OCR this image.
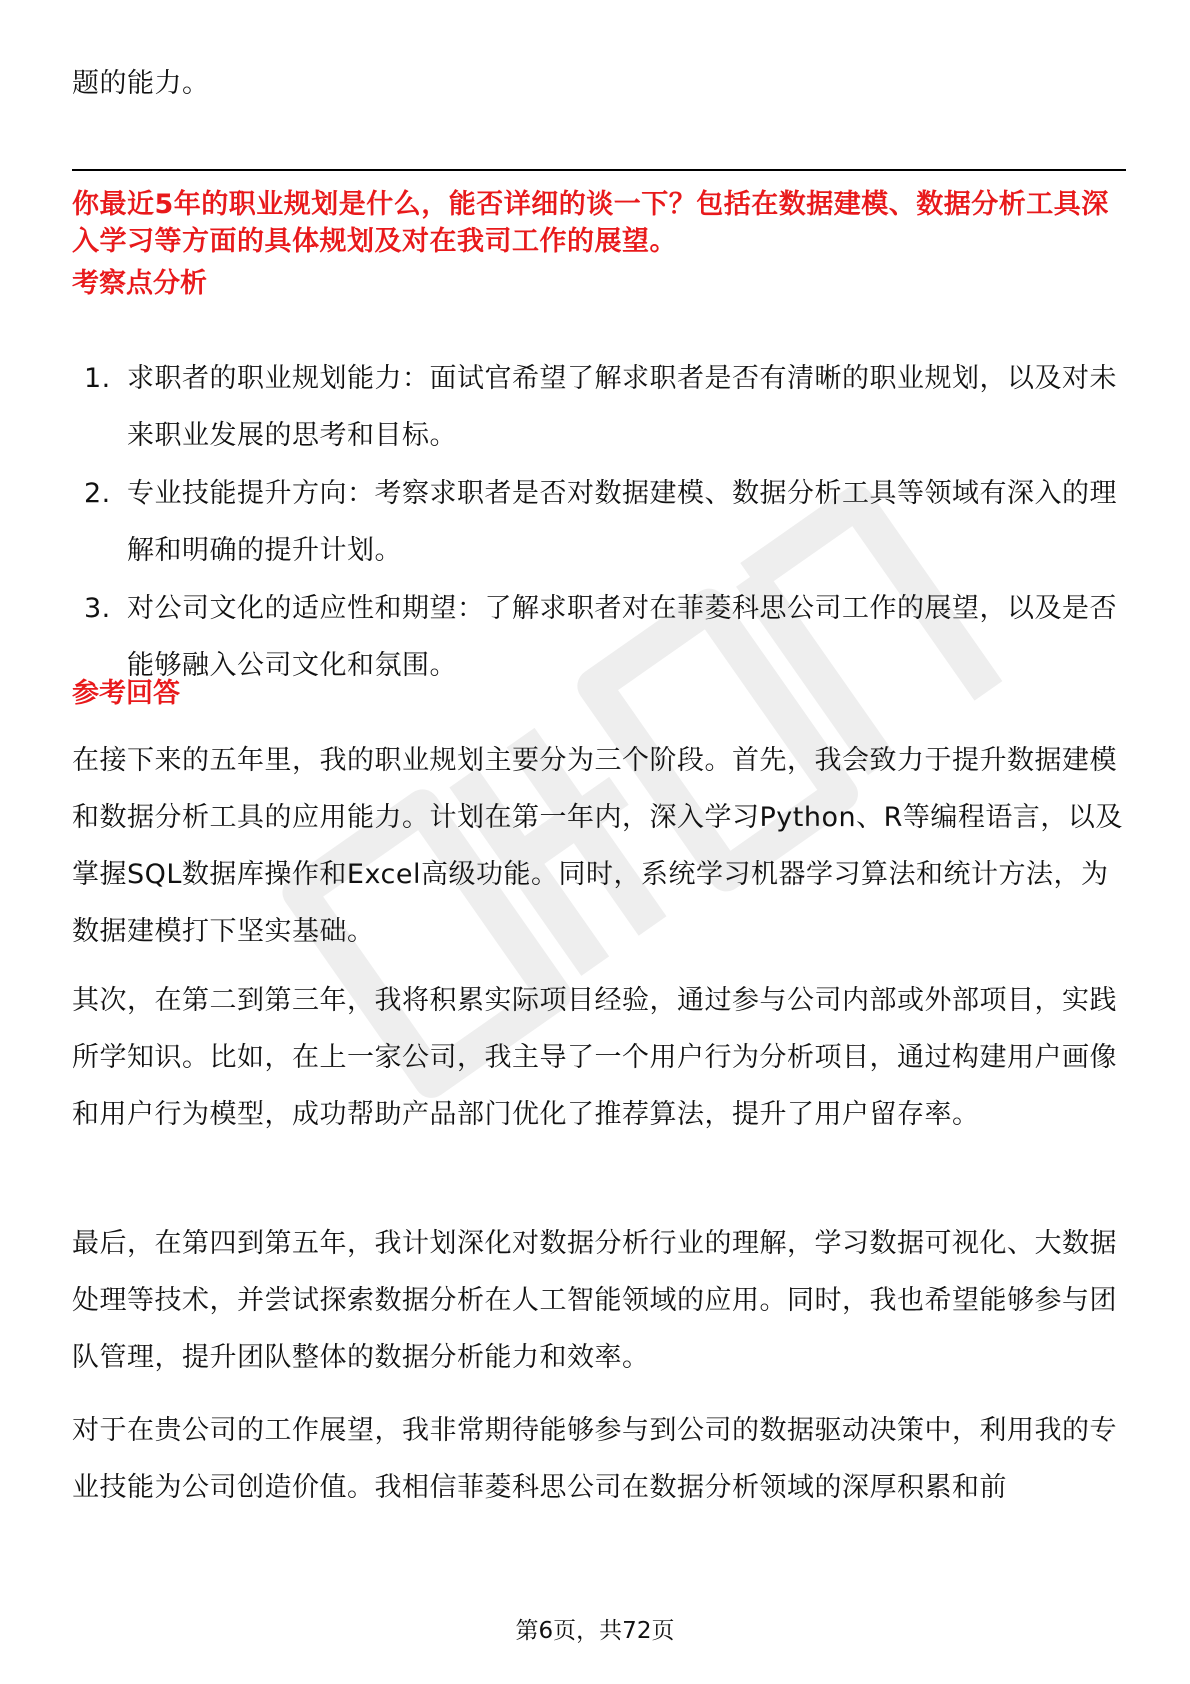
题的能力。
你最近5年的职业规划是什么，能否详细的谈一下？包括在数据建模、数据分析工具深入学习等方面的具体规划及对在我司工作的展望。
考察点分析
1. 求职者的职业规划能力：面试官希望了解求职者是否有清晰的职业规划，以及对未来职业发展的思考和目标。
2. 专业技能提升方向：考察求职者是否对数据建模、数据分析工具等领域有深入的理解和明确的提升计划。
3. 对公司文化的适应性和期望：了解求职者对在菲菱科思公司工作的展望，以及是否能够融入公司文化和氛围。
参考回答

在接下来的五年里，我的职业规划主要分为三个阶段。首先，我会致力于提升数据建模和数据分析工具的应用能力。计划在第一年内，深入学习Python、R等编程语言，以及掌握SQL数据库操作和Excel高级功能。同时，系统学习机器学习算法和统计方法，为数据建模打下坚实基础。

其次，在第二到第三年，我将积累实际项目经验，通过参与公司内部或外部项目，实践所学知识。比如，在上一家公司，我主导了一个用户行为分析项目，通过构建用户画像和用户行为模型，成功帮助产品部门优化了推荐算法，提升了用户留存率。

最后，在第四到第五年，我计划深化对数据分析行业的理解，学习数据可视化、大数据处理等技术，并尝试探索数据分析在人工智能领域的应用。同时，我也希望能够参与团队管理，提升团队整体的数据分析能力和效率。

对于在贵公司的工作展望，我非常期待能够参与到公司的数据驱动决策中，利用我的专业技能为公司创造价值。我相信菲菱科思公司在数据分析领域的深厚积累和前

第6页，共72页
